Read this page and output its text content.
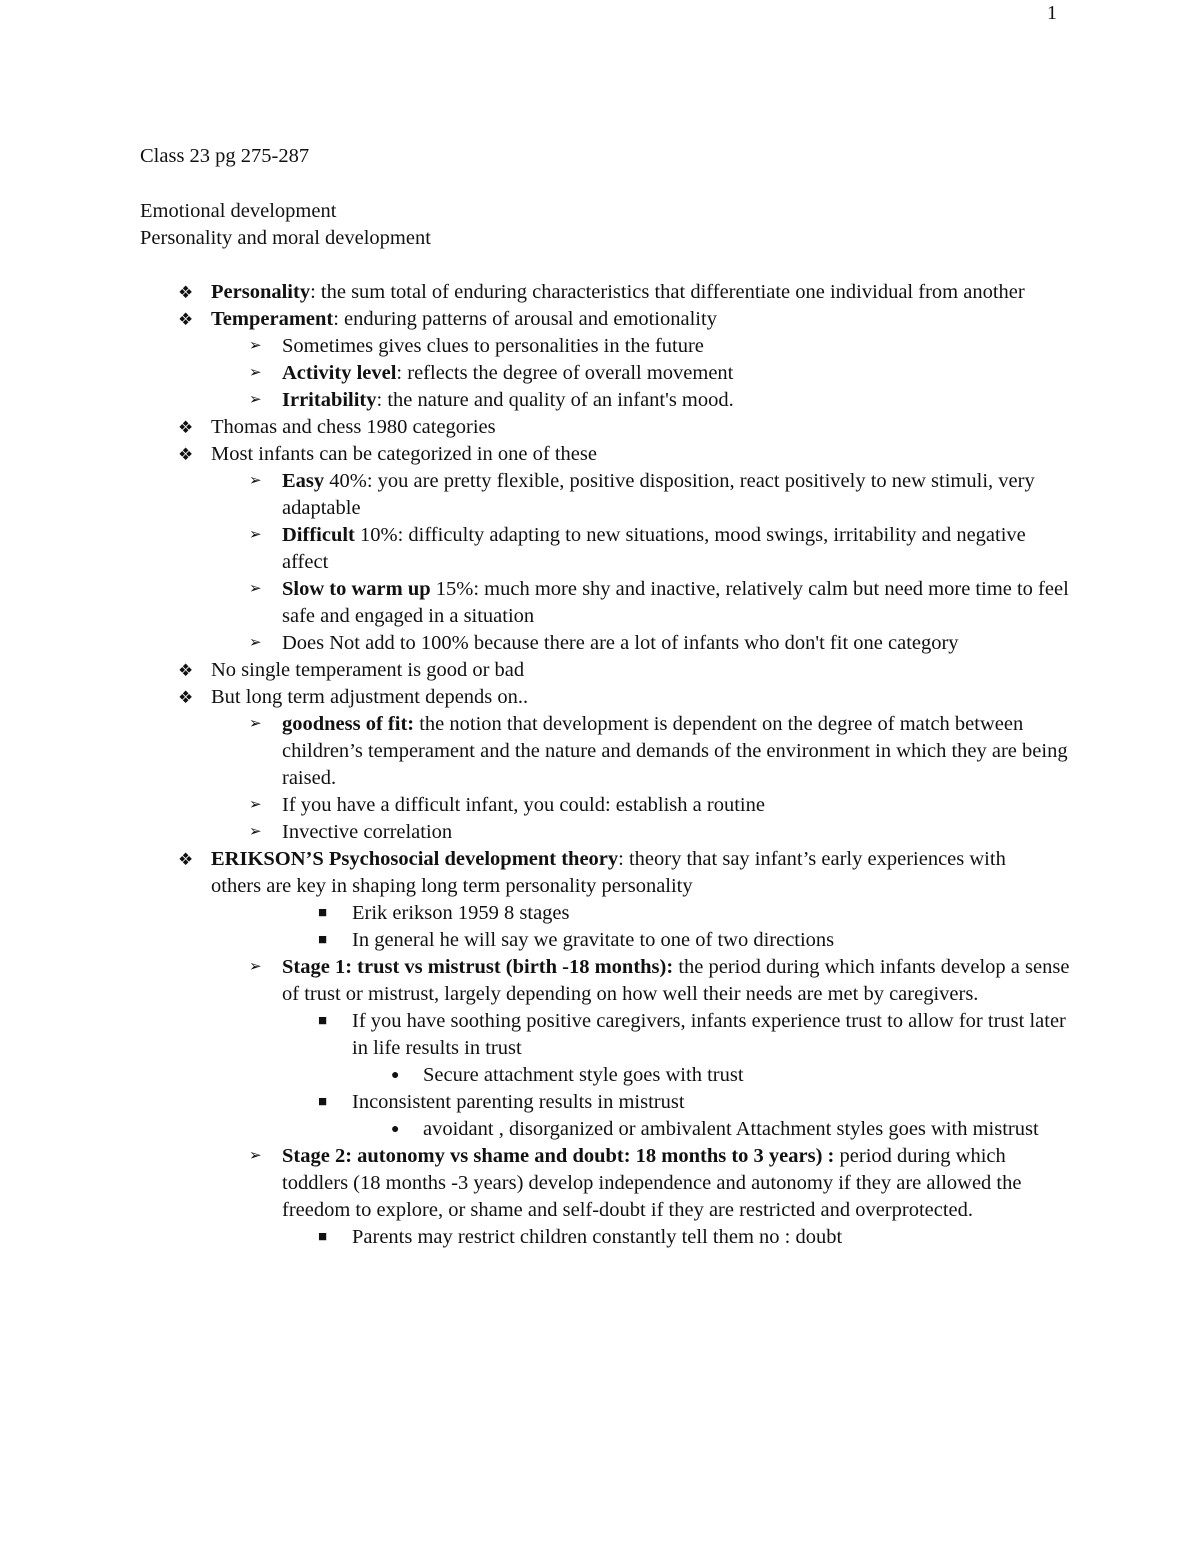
1
Class 23 pg 275-287
Emotional development
Personality and moral development
❖ Personality: the sum total of enduring characteristics that differentiate one individual from another
❖ Temperament: enduring patterns of arousal and emotionality
➢ Sometimes gives clues to personalities in the future
➢ Activity level: reflects the degree of overall movement
➢ Irritability: the nature and quality of an infant's mood.
❖ Thomas and chess 1980 categories
❖ Most infants can be categorized in one of these
➢ Easy 40%: you are pretty flexible, positive disposition, react positively to new stimuli, very adaptable
➢ Difficult 10%: difficulty adapting to new situations, mood swings, irritability and negative affect
➢ Slow to warm up 15%: much more shy and inactive, relatively calm but need more time to feel safe and engaged in a situation
➢ Does Not add to 100% because there are a lot of infants who don't fit one category
❖ No single temperament is good or bad
❖ But long term adjustment depends on..
➢ goodness of fit: the notion that development is dependent on the degree of match between children’s temperament and the nature and demands of the environment in which they are being raised.
➢ If you have a difficult infant, you could: establish a routine
➢ Invective correlation
❖ ERIKSON’S Psychosocial development theory: theory that say infant’s early experiences with others are key in shaping long term personality personality
■ Erik erikson 1959 8 stages
■ In general he will say we gravitate to one of two directions
➢ Stage 1: trust vs mistrust (birth -18 months): the period during which infants develop a sense of trust or mistrust, largely depending on how well their needs are met by caregivers.
■ If you have soothing positive caregivers, infants experience trust to allow for trust later in life results in trust
● Secure attachment style goes with trust
■ Inconsistent parenting results in mistrust
● avoidant , disorganized or ambivalent Attachment styles goes with mistrust
➢ Stage 2: autonomy vs shame and doubt: 18 months to 3 years) : period during which toddlers (18 months -3 years) develop independence and autonomy if they are allowed the freedom to explore, or shame and self-doubt if they are restricted and overprotected.
■ Parents may restrict children constantly tell them no : doubt
